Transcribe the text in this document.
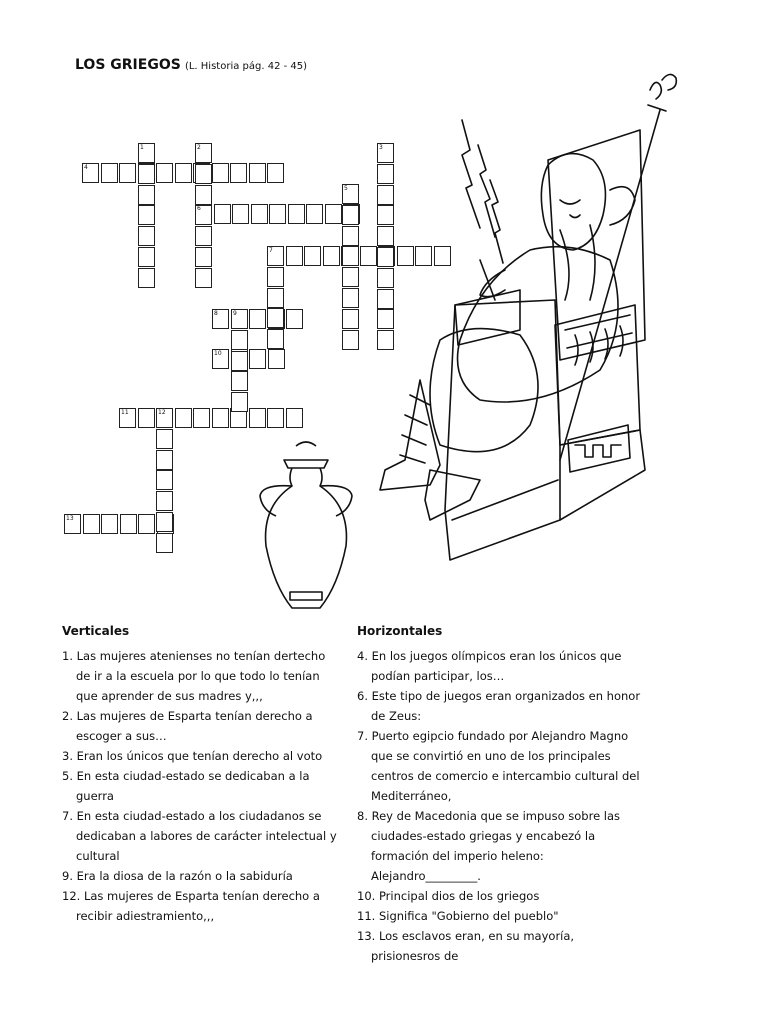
LOS GRIEGOS (L. Historia pág. 42 - 45)
1	2	3
4
5
6
7
8	9
10
11	12
13
Verticales
1. Las mujeres atenienses no tenían dertecho de ir a la escuela por lo que todo lo tenían que aprender de sus madres y,,,
2. Las mujeres de Esparta tenían derecho a escoger a sus…
3. Eran los únicos que tenían derecho al voto
5. En esta ciudad-estado se dedicaban a la guerra
7. En esta ciudad-estado a los ciudadanos se dedicaban a labores de carácter intelectual y cultural
9. Era la diosa de la razón o la sabiduría
12. Las mujeres de Esparta tenían derecho a recibir adiestramiento,,,
Horizontales
4. En los juegos olímpicos eran los únicos que podían participar, los…
6. Este tipo de juegos eran organizados en honor de Zeus:
7. Puerto egipcio fundado por Alejandro Magno que se convirtió en uno de los principales centros de comercio e intercambio cultural del Mediterráneo,
8. Rey de Macedonia que se impuso sobre las ciudades-estado griegas y encabezó la formación del imperio heleno: Alejandro_________.
10. Principal dios de los griegos
11. Significa "Gobierno del pueblo"
13. Los esclavos eran, en su mayoría, prisionesros de
